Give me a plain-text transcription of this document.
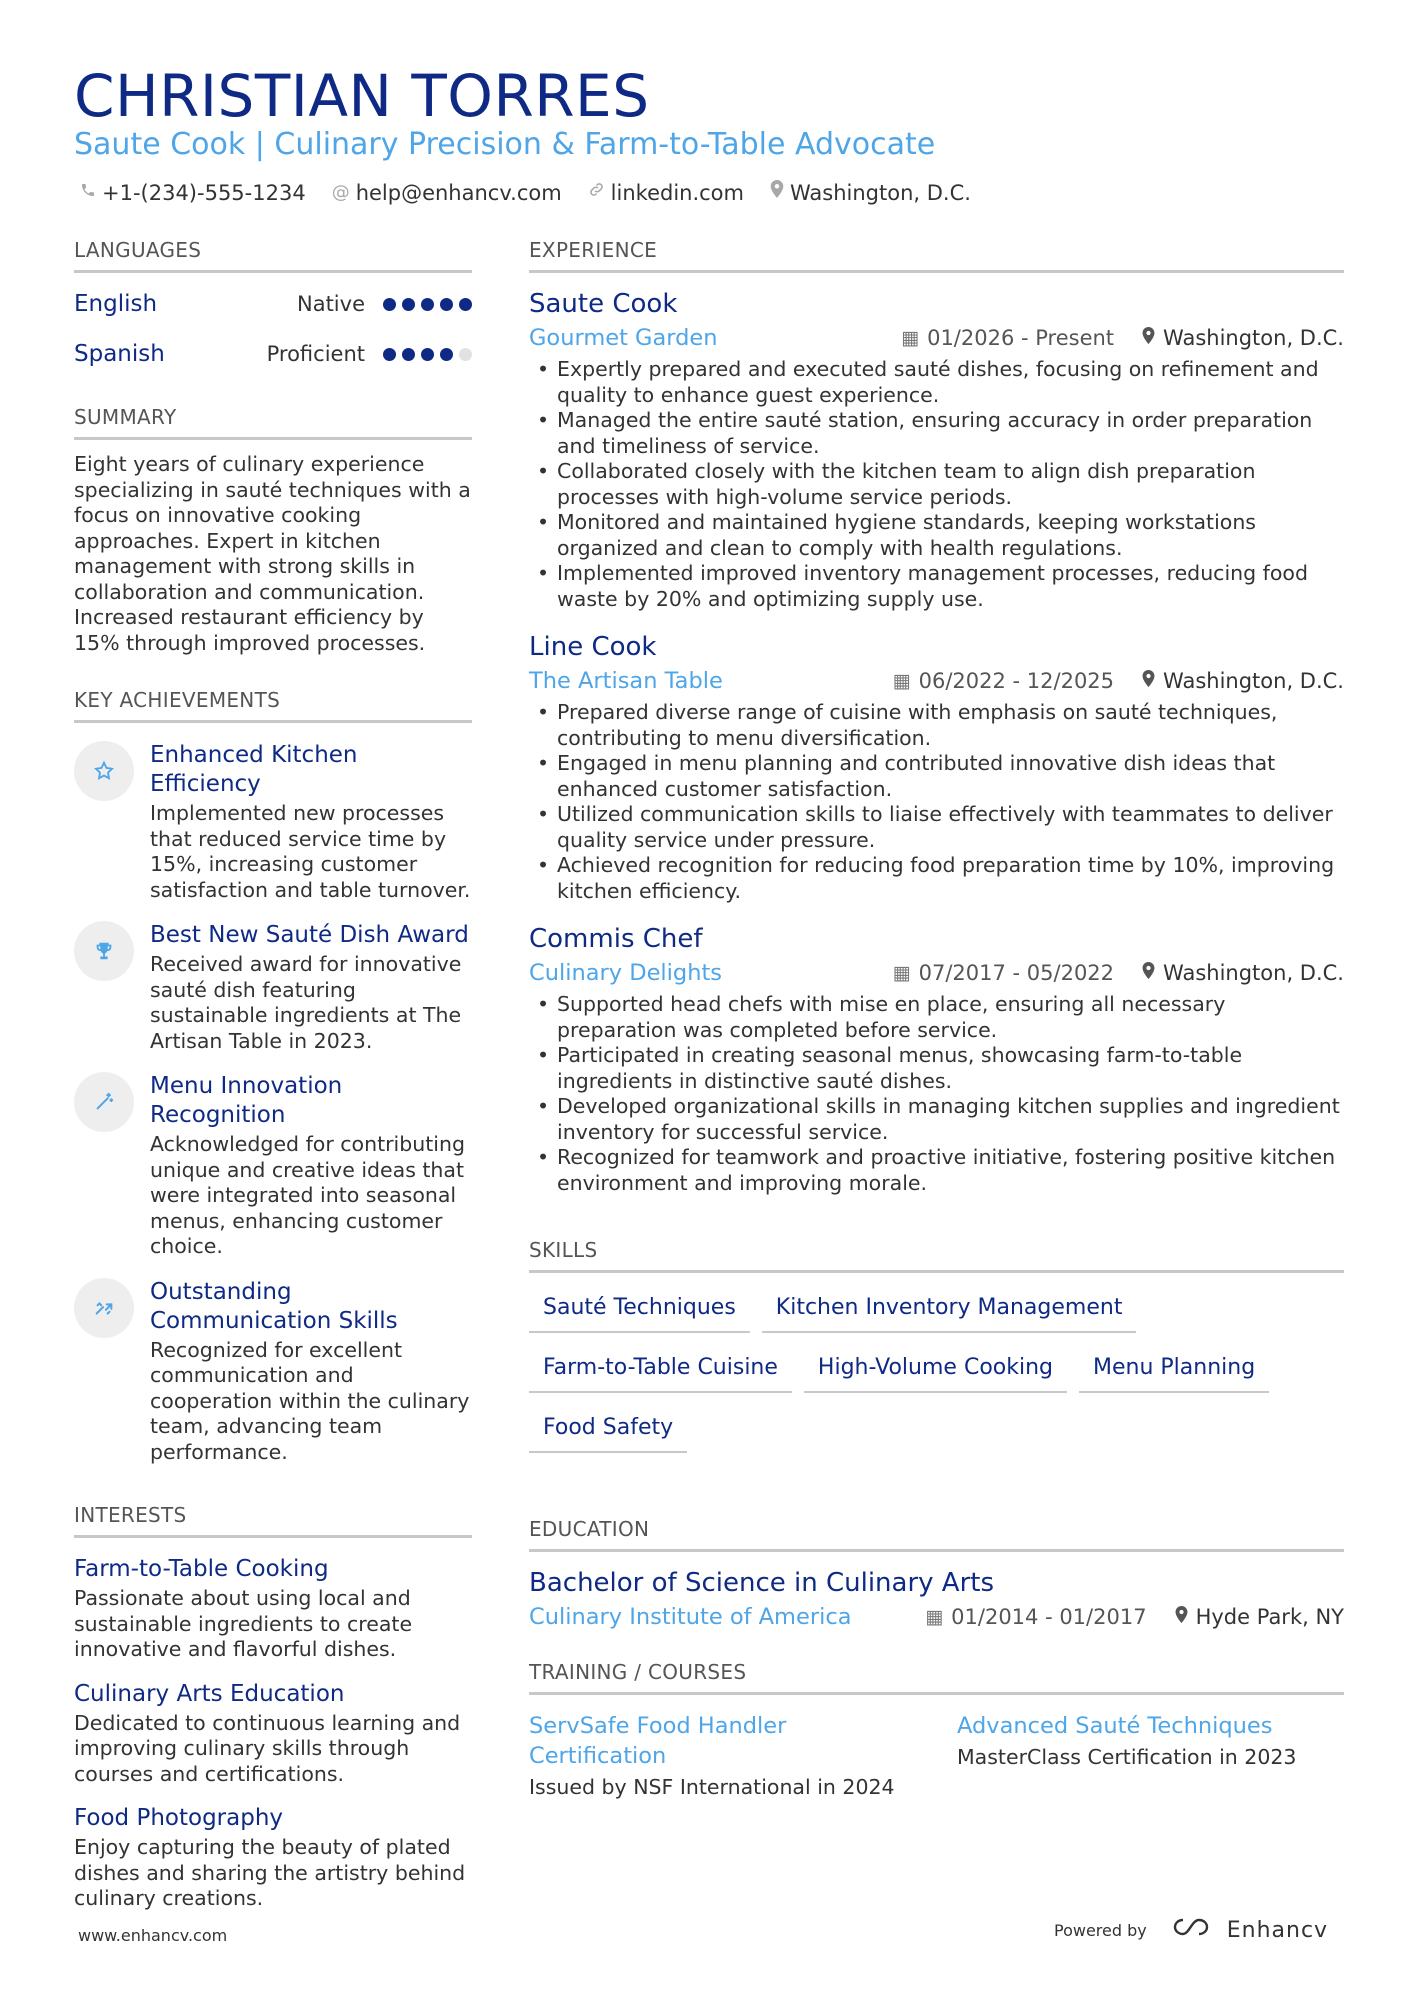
CHRISTIAN TORRES
Saute Cook | Culinary Precision & Farm-to-Table Advocate
+1-(234)-555-1234 @ help@enhancv.com linkedin.com Washington, D.C.
LANGUAGES
English	Native
Spanish	Proficient
SUMMARY

Eight years of culinary experience specializing in sauté techniques with a focus on innovative cooking approaches. Expert in kitchen management with strong skills in collaboration and communication. Increased restaurant efficiency by 15% through improved processes.

KEY ACHIEVEMENTS
Enhanced Kitchen Efficiency
Implemented new processes that reduced service time by 15%, increasing customer satisfaction and table turnover.
Best New Sauté Dish Award
Received award for innovative sauté dish featuring sustainable ingredients at The Artisan Table in 2023.
Menu Innovation Recognition
Acknowledged for contributing unique and creative ideas that were integrated into seasonal menus, enhancing customer choice.
Outstanding Communication Skills
Recognized for excellent communication and cooperation within the culinary team, advancing team performance.
INTERESTS
Farm-to-Table Cooking
Passionate about using local and sustainable ingredients to create innovative and flavorful dishes.
Culinary Arts Education
Dedicated to continuous learning and improving culinary skills through courses and certifications.
Food Photography
Enjoy capturing the beauty of plated dishes and sharing the artistry behind culinary creations.
EXPERIENCE
Saute Cook
Gourmet Garden	▦ 01/2026 - Present Washington, D.C.
• Expertly prepared and executed sauté dishes, focusing on refinement and quality to enhance guest experience.
• Managed the entire sauté station, ensuring accuracy in order preparation and timeliness of service.
• Collaborated closely with the kitchen team to align dish preparation processes with high-volume service periods.
• Monitored and maintained hygiene standards, keeping workstations organized and clean to comply with health regulations.
• Implemented improved inventory management processes, reducing food waste by 20% and optimizing supply use.
Line Cook
The Artisan Table	▦ 06/2022 - 12/2025 Washington, D.C.
• Prepared diverse range of cuisine with emphasis on sauté techniques, contributing to menu diversification.
• Engaged in menu planning and contributed innovative dish ideas that enhanced customer satisfaction.
• Utilized communication skills to liaise effectively with teammates to deliver quality service under pressure.
• Achieved recognition for reducing food preparation time by 10%, improving kitchen efficiency.
Commis Chef
Culinary Delights	▦ 07/2017 - 05/2022 Washington, D.C.
• Supported head chefs with mise en place, ensuring all necessary preparation was completed before service.
• Participated in creating seasonal menus, showcasing farm-to-table ingredients in distinctive sauté dishes.
• Developed organizational skills in managing kitchen supplies and ingredient inventory for successful service.
• Recognized for teamwork and proactive initiative, fostering positive kitchen environment and improving morale.
SKILLS
Sauté Techniques	Kitchen Inventory Management
Farm-to-Table Cuisine	High-Volume Cooking	Menu Planning
Food Safety
EDUCATION
Bachelor of Science in Culinary Arts
Culinary Institute of America	▦ 01/2014 - 01/2017 Hyde Park, NY
TRAINING / COURSES
ServSafe Food Handler Certification
Issued by NSF International in 2024
Advanced Sauté Techniques
MasterClass Certification in 2023
www.enhancv.com	Powered by	Enhancv
